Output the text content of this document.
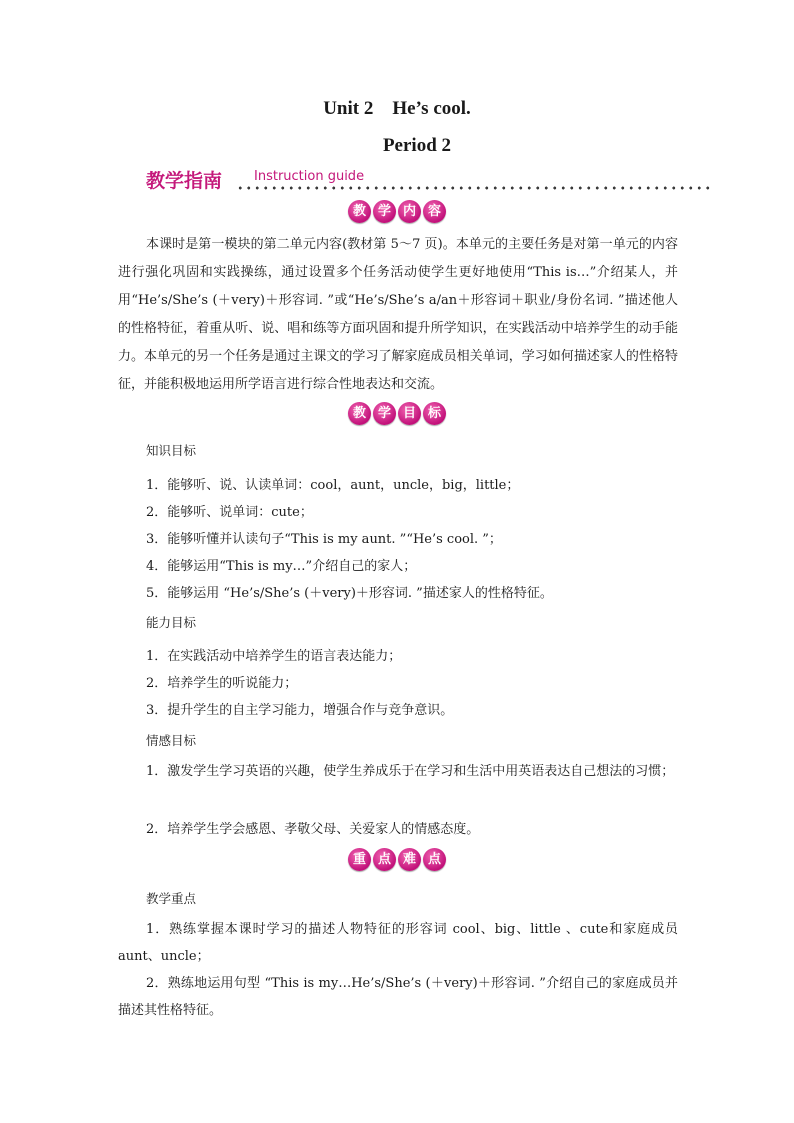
Unit 2    He’s cool.
Period 2
教学指南 Instruction guide
教 学 内 容

本课时是第一模块的第二单元内容(教材第 5～7 页)。本单元的主要任务是对第一单元的内容进行强化巩固和实践操练，通过设置多个任务活动使学生更好地使用“This is…”介绍某人，并用“He’s/She’s (＋very)＋形容词. ”或“He’s/She’s a/an＋形容词＋职业/身份名词. ”描述他人的性格特征，着重从听、说、唱和练等方面巩固和提升所学知识，在实践活动中培养学生的动手能力。本单元的另一个任务是通过主课文的学习了解家庭成员相关单词，学习如何描述家人的性格特征，并能积极地运用所学语言进行综合性地表达和交流。

教 学 目 标
知识目标
1．能够听、说、认读单词：cool，aunt，uncle，big，little；
2．能够听、说单词：cute；
3．能够听懂并认读句子“This is my aunt. ”“He’s cool. ”；
4．能够运用“This is my…”介绍自己的家人；
5．能够运用 “He’s/She’s (＋very)＋形容词. ”描述家人的性格特征。
能力目标
1．在实践活动中培养学生的语言表达能力；
2．培养学生的听说能力；
3．提升学生的自主学习能力，增强合作与竞争意识。
情感目标

1．激发学生学习英语的兴趣，使学生养成乐于在学习和生活中用英语表达自己想法的习惯；

2．培养学生学会感恩、孝敬父母、关爱家人的情感态度。
重 点 难 点
教学重点

1．熟练掌握本课时学习的描述人物特征的形容词 cool、big、little 、cute和家庭成员aunt、uncle；

2．熟练地运用句型 “This is my…He’s/She’s (＋very)＋形容词. ”介绍自己的家庭成员并描述其性格特征。
